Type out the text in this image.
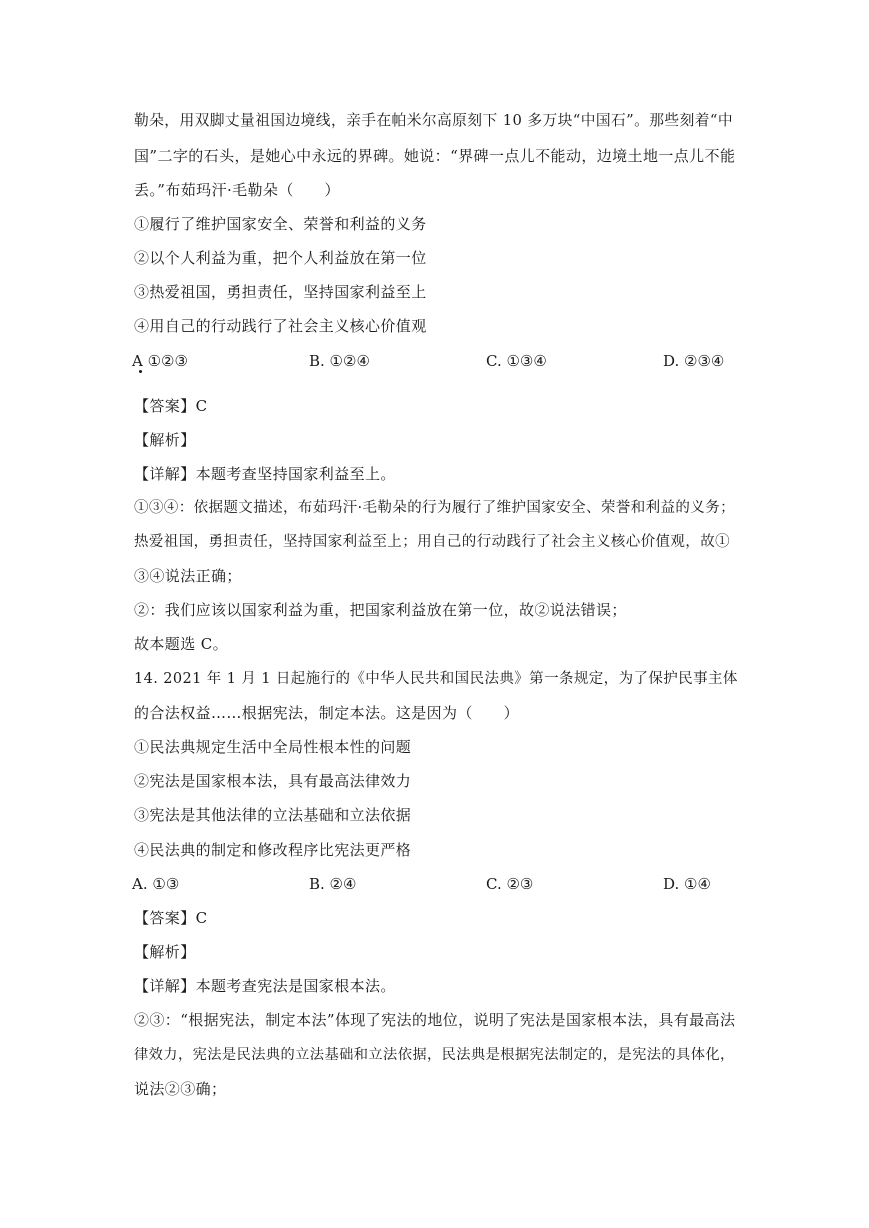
勒朵，用双脚丈量祖国边境线，亲手在帕米尔高原刻下 10 多万块“中国石”。那些刻着“中
国”二字的石头，是她心中永远的界碑。她说：“界碑一点儿不能动，边境土地一点儿不能
丢。”布茹玛汗·毛勒朵（　　）
①履行了维护国家安全、荣誉和利益的义务
②以个人利益为重，把个人利益放在第一位
③热爱祖国，勇担责任，坚持国家利益至上
④用自己的行动践行了社会主义核心价值观
A ①②③	B. ①②④	C. ①③④	D. ②③④
【答案】C
【解析】
【详解】本题考查坚持国家利益至上。
①③④：依据题文描述，布茹玛汗·毛勒朵的行为履行了维护国家安全、荣誉和利益的义务；
热爱祖国，勇担责任，坚持国家利益至上；用自己的行动践行了社会主义核心价值观，故①
③④说法正确；
②：我们应该以国家利益为重，把国家利益放在第一位，故②说法错误；
故本题选 C。
14. 2021 年 1 月 1 日起施行的《中华人民共和国民法典》第一条规定，为了保护民事主体
的合法权益……根据宪法，制定本法。这是因为（　　）
①民法典规定生活中全局性根本性的问题
②宪法是国家根本法，具有最高法律效力
③宪法是其他法律的立法基础和立法依据
④民法典的制定和修改程序比宪法更严格
A. ①③	B. ②④	C. ②③	D. ①④
【答案】C
【解析】
【详解】本题考查宪法是国家根本法。
②③：“根据宪法，制定本法”体现了宪法的地位，说明了宪法是国家根本法，具有最高法
律效力，宪法是民法典的立法基础和立法依据，民法典是根据宪法制定的，是宪法的具体化，
说法②③确；
